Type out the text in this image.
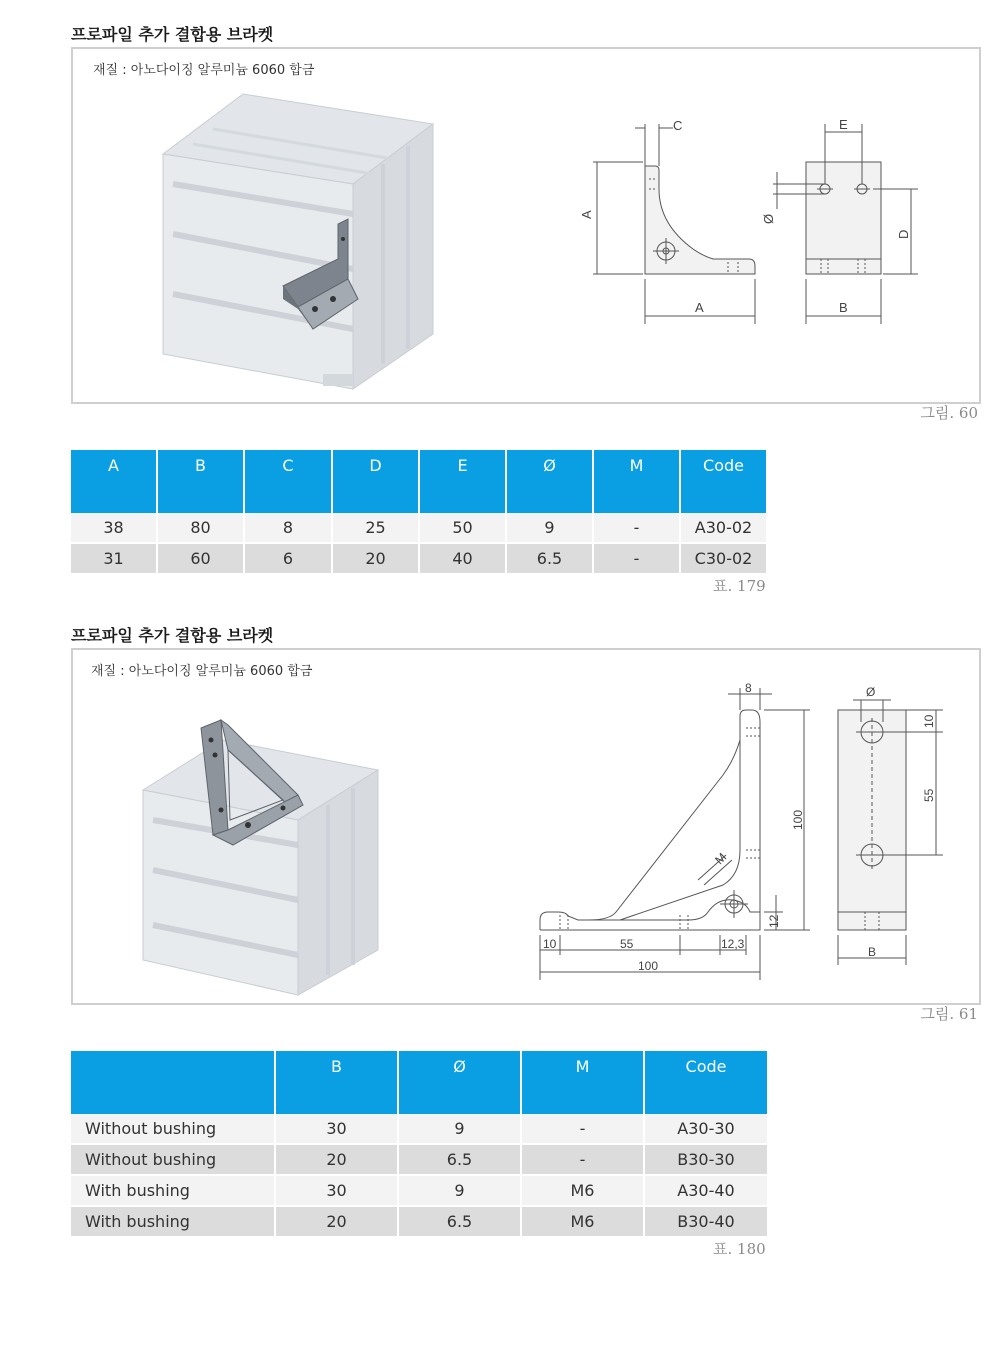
프로파일 추가 결합용 브라켓
재질 : 아노다이징 알루미늄 6060 합금
C
A
A
E
Ø
D
B
그림. 60
A	B	C	D	E	Ø	M	Code
38	80	8	25	50	9	-	A30-02
31	60	6	20	40	6.5	-	C30-02
표. 179
프로파일 추가 결합용 브라켓
재질 : 아노다이징 알루미늄 6060 합금
8
100
M
12
10	55	12,3
100
Ø
10
55
B
그림. 61
	B	Ø	M	Code
Without bushing	30	9	-	A30-30
Without bushing	20	6.5	-	B30-30
With bushing	30	9	M6	A30-40
With bushing	20	6.5	M6	B30-40
표. 180
